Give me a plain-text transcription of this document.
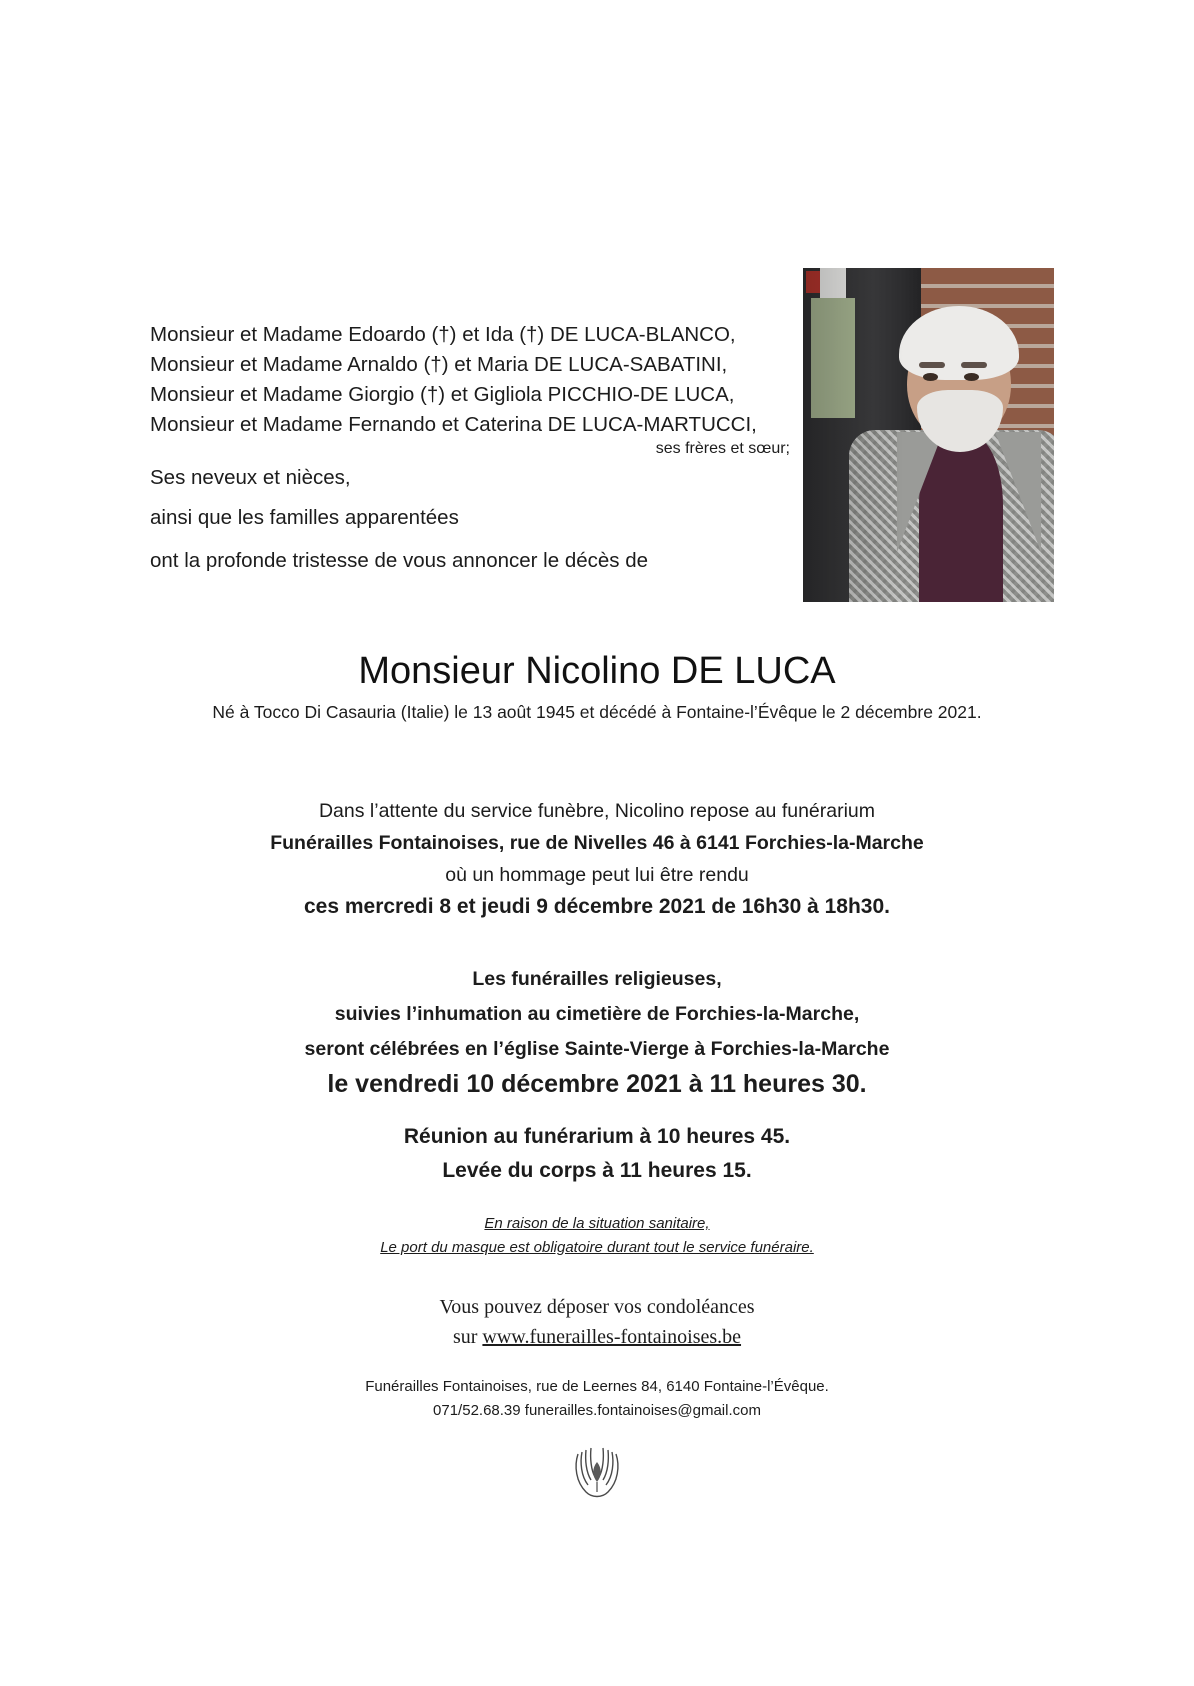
Monsieur et Madame Edoardo (†) et Ida (†) DE LUCA-BLANCO,
Monsieur et Madame Arnaldo (†) et Maria DE LUCA-SABATINI,
Monsieur et Madame Giorgio (†) et Gigliola PICCHIO-DE LUCA,
Monsieur et Madame Fernando et Caterina DE LUCA-MARTUCCI,
ses frères et sœur;
Ses neveux et nièces,
ainsi que les familles apparentées
ont la profonde tristesse de vous annoncer le décès de
Monsieur Nicolino DE LUCA
Né à Tocco Di Casauria (Italie) le 13 août 1945 et décédé à Fontaine-l’Évêque le 2 décembre 2021.
Dans l’attente du service funèbre, Nicolino repose au funérarium
Funérailles Fontainoises, rue de Nivelles 46 à 6141 Forchies-la-Marche
où un hommage peut lui être rendu
ces mercredi 8 et jeudi 9 décembre 2021 de 16h30 à 18h30.
Les funérailles religieuses,
suivies l’inhumation au cimetière de Forchies-la-Marche,
seront célébrées en l’église Sainte-Vierge à Forchies-la-Marche
le vendredi 10 décembre 2021 à 11 heures 30.
Réunion au funérarium à 10 heures 45.
Levée du corps à 11 heures 15.
En raison de la situation sanitaire,
Le port du masque est obligatoire durant tout le service funéraire.
Vous pouvez déposer vos condoléances
sur www.funerailles-fontainoises.be
Funérailles Fontainoises, rue de Leernes 84, 6140 Fontaine-l’Évêque.
071/52.68.39 funerailles.fontainoises@gmail.com
